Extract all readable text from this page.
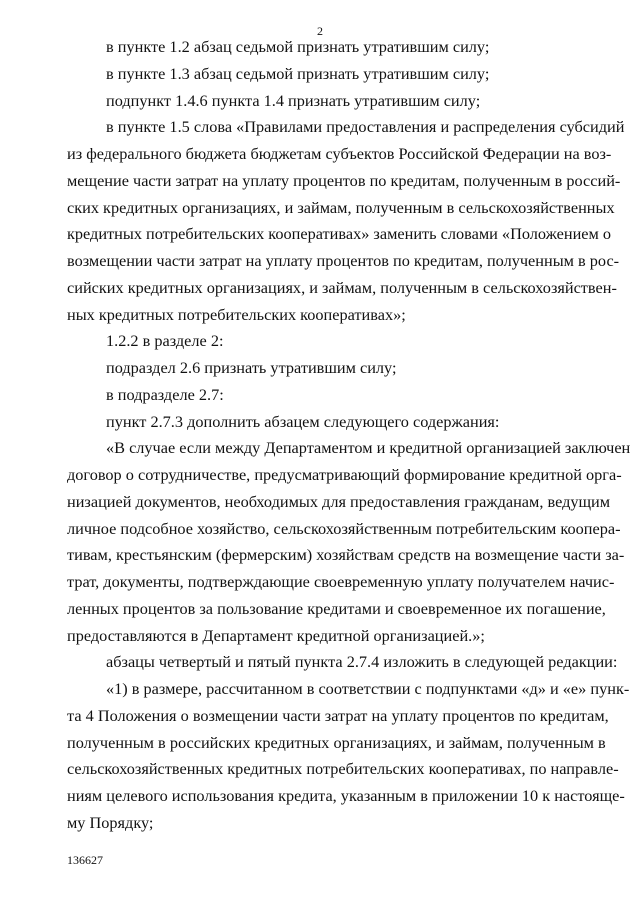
2
в пункте 1.2 абзац седьмой признать утратившим силу;
в пункте 1.3 абзац седьмой признать утратившим силу;
подпункт 1.4.6 пункта 1.4 признать утратившим силу;
в пункте 1.5 слова «Правилами предоставления и распределения субсидий
из федерального бюджета бюджетам субъектов Российской Федерации на воз-
мещение части затрат на уплату процентов по кредитам, полученным в россий-
ских кредитных организациях, и займам, полученным в сельскохозяйственных
кредитных потребительских кооперативах» заменить словами «Положением о
возмещении части затрат на уплату процентов по кредитам, полученным в рос-
сийских кредитных организациях, и займам, полученным в сельскохозяйствен-
ных кредитных потребительских кооперативах»;
1.2.2 в разделе 2:
подраздел 2.6 признать утратившим силу;
в подразделе 2.7:
пункт 2.7.3 дополнить абзацем следующего содержания:
«В случае если между Департаментом и кредитной организацией заключен
договор о сотрудничестве, предусматривающий формирование кредитной орга-
низацией документов, необходимых для предоставления гражданам, ведущим
личное подсобное хозяйство, сельскохозяйственным потребительским коопера-
тивам, крестьянским (фермерским) хозяйствам средств на возмещение части за-
трат, документы, подтверждающие своевременную уплату получателем начис-
ленных процентов за пользование кредитами и своевременное их погашение,
предоставляются в Департамент кредитной организацией.»;
абзацы четвертый и пятый пункта 2.7.4 изложить в следующей редакции:
«1) в размере, рассчитанном в соответствии с подпунктами «д» и «е» пунк-
та 4 Положения о возмещении части затрат на уплату процентов по кредитам,
полученным в российских кредитных организациях, и займам, полученным в
сельскохозяйственных кредитных потребительских кооперативах, по направле-
ниям целевого использования кредита, указанным в приложении 10 к настояще-
му Порядку;
136627
